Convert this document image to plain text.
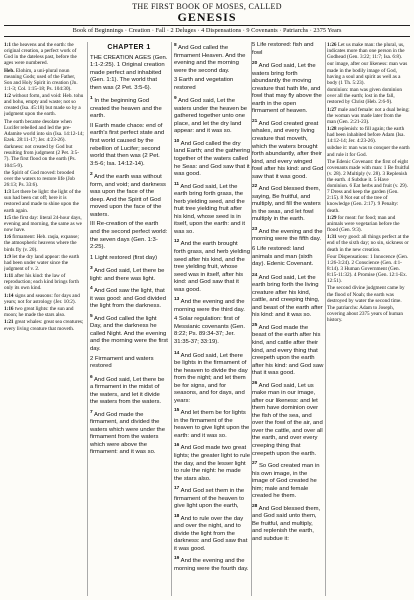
THE FIRST BOOK OF MOSES, CALLED
GENESIS
Book of Beginnings · Creation · Fall · 2 Deluges · 4 Dispensations · 9 Covenants · Patriarchs · 2375 Years
1:1 the heavens and the earth: the original creation, a perfect work of God in the dateless past, before the ages were numbered.
Heb. Elohim, a uni-plural noun meaning Gods; used of the Father, Son and Holy Spirit in creation (Jn. 1:1-3; Col. 1:15-18; Ps. 104:30).
1:2 without form, and void: Heb. tohu and bohu, empty and waste; not so created (Isa. 45:18) but made so by a judgment upon the earth.
The earth became desolate when Lucifer rebelled and led the pre-Adamite world into sin (Isa. 14:12-14; Ezek. 28:11-17; Jer. 4:23-26).
darkness: not created by God but resulting from judgment (2 Pet. 3:5-7). The first flood on the earth (Ps. 104:5-9).
the Spirit of God moved: brooded over the waters to restore life (Job 26:13; Ps. 33:6).
1:3 Let there be light: the light of the sun had been cut off; here it is restored and made to shine upon the earth again.
1:5 the first day: literal 24-hour days, evening and morning, the same as we now have.
1:6 firmament: Heb. raqia, expanse; the atmospheric heavens where the birds fly (v. 20).
1:9 let the dry land appear: the earth had been under water since the judgment of v. 2.
1:11 after his kind: the law of reproduction; each kind brings forth only its own kind.
1:14 signs and seasons: for days and years; not for astrology (Jer. 10:2).
1:16 two great lights: the sun and moon; he made the stars also.
1:21 great whales: great sea creatures; every living creature that moveth.
CHAPTER 1
THE CREATION AGES (Gen. 1:1-2:25). 1 Original creation made perfect and inhabited (Gen. 1:1). The world that then was (2 Pet. 3:5-6).
$^1$ In the beginning God created the heaven and the earth.
II Earth made chaos: end of earth's first perfect state and first world caused by the rebellion of Lucifer; second world that then was (2 Pet. 3:5-6; Isa. 14:12-14).
$^2$ And the earth was without form, and void; and darkness was upon the face of the deep. And the Spirit of God moved upon the face of the waters.
III Re-creation of the earth and the second perfect world: the seven days (Gen. 1:3-2:25).
1 Light restored (first day)
$^3$ And God said, Let there be light: and there was light.
$^4$ And God saw the light, that it was good: and God divided the light from the darkness.
$^5$ And God called the light Day, and the darkness he called Night. And the evening and the morning were the first day.
2 Firmament and waters restored
$^6$ And God said, Let there be a firmament in the midst of the waters, and let it divide the waters from the waters.
$^7$ And God made the firmament, and divided the waters which were under the firmament from the waters which were above the firmament: and it was so.
$^8$ And God called the firmament Heaven. And the evening and the morning were the second day.
3 Earth and vegetation restored
$^9$ And God said, Let the waters under the heaven be gathered together unto one place, and let the dry land appear: and it was so.
$^{10}$ And God called the dry land Earth; and the gathering together of the waters called he Seas: and God saw that it was good.
$^{11}$ And God said, Let the earth bring forth grass, the herb yielding seed, and the fruit tree yielding fruit after his kind, whose seed is in itself, upon the earth: and it was so.
$^{12}$ And the earth brought forth grass, and herb yielding seed after his kind, and the tree yielding fruit, whose seed was in itself, after his kind: and God saw that it was good.
$^{13}$ And the evening and the morning were the third day.
4 Solar regulation: first of Messianic covenants (Gen. 8:22; Ps. 89:34-37; Jer. 31:35-37; 33:19).
$^{14}$ And God said, Let there be lights in the firmament of the heaven to divide the day from the night; and let them be for signs, and for seasons, and for days, and years:
$^{15}$ And let them be for lights in the firmament of the heaven to give light upon the earth: and it was so.
$^{16}$ And God made two great lights; the greater light to rule the day, and the lesser light to rule the night: he made the stars also.
$^{17}$ And God set them in the firmament of the heaven to give light upon the earth,
$^{18}$ And to rule over the day and over the night, and to divide the light from the darkness: and God saw that it was good.
$^{19}$ And the evening and the morning were the fourth day.
5 Life restored: fish and fowl
$^{20}$ And God said, Let the waters bring forth abundantly the moving creature that hath life, and fowl that may fly above the earth in the open firmament of heaven.
$^{21}$ And God created great whales, and every living creature that moveth, which the waters brought forth abundantly, after their kind, and every winged fowl after his kind: and God saw that it was good.
$^{22}$ And God blessed them, saying, Be fruitful, and multiply, and fill the waters in the seas, and let fowl multiply in the earth.
$^{23}$ And the evening and the morning were the fifth day.
6 Life restored: land animals and man (sixth day). Edenic Covenant.
$^{24}$ And God said, Let the earth bring forth the living creature after his kind, cattle, and creeping thing, and beast of the earth after his kind: and it was so.
$^{25}$ And God made the beast of the earth after his kind, and cattle after their kind, and every thing that creepeth upon the earth after his kind: and God saw that it was good.
$^{26}$ And God said, Let us make man in our image, after our likeness: and let them have dominion over the fish of the sea, and over the fowl of the air, and over the cattle, and over all the earth, and over every creeping thing that creepeth upon the earth.
$^{27}$ So God created man in his own image, in the image of God created he him; male and female created he them.
$^{28}$ And God blessed them, and God said unto them, Be fruitful, and multiply, and replenish the earth, and subdue it:
1:26 Let us make man: the plural, us, indicates more than one person in the Godhead (Gen. 3:22; 11:7; Isa. 6:8).
our image, after our likeness: man was made in the bodily image of God, having a soul and spirit as well as a body (1 Th. 5:23).
dominion: man was given dominion over all the earth; lost in the fall, restored by Christ (Heb. 2:6-9).
1:27 male and female: not a dual being; the woman was made later from the man (Gen. 2:21-23).
1:28 replenish: to fill again; the earth had been inhabited before Adam (Isa. 14:12-14; Jer. 4:23-26).
subdue it: man was to conquer the earth and rule it for God.
The Edenic Covenant: the first of eight covenants made with man: 1 Be fruitful (v. 28). 2 Multiply (v. 28). 3 Replenish the earth. 4 Subdue it. 5 Have dominion. 6 Eat herbs and fruit (v. 29). 7 Dress and keep the garden (Gen. 2:15). 8 Not eat of the tree of knowledge (Gen. 2:17). 9 Penalty: death.
1:29 for meat: for food; man and animals were vegetarian before the flood (Gen. 9:3).
1:31 very good: all things perfect at the end of the sixth day; no sin, sickness or death in the new creation.
Four Dispensations: 1 Innocence (Gen. 1:26-3:24). 2 Conscience (Gen. 4:1-8:14). 3 Human Government (Gen. 8:15-11:32). 4 Promise (Gen. 12:1-Ex. 12:51).
The second divine judgment came by the flood of Noah; the earth was destroyed by water the second time.
The patriarchs: Adam to Joseph, covering about 2375 years of human history.
